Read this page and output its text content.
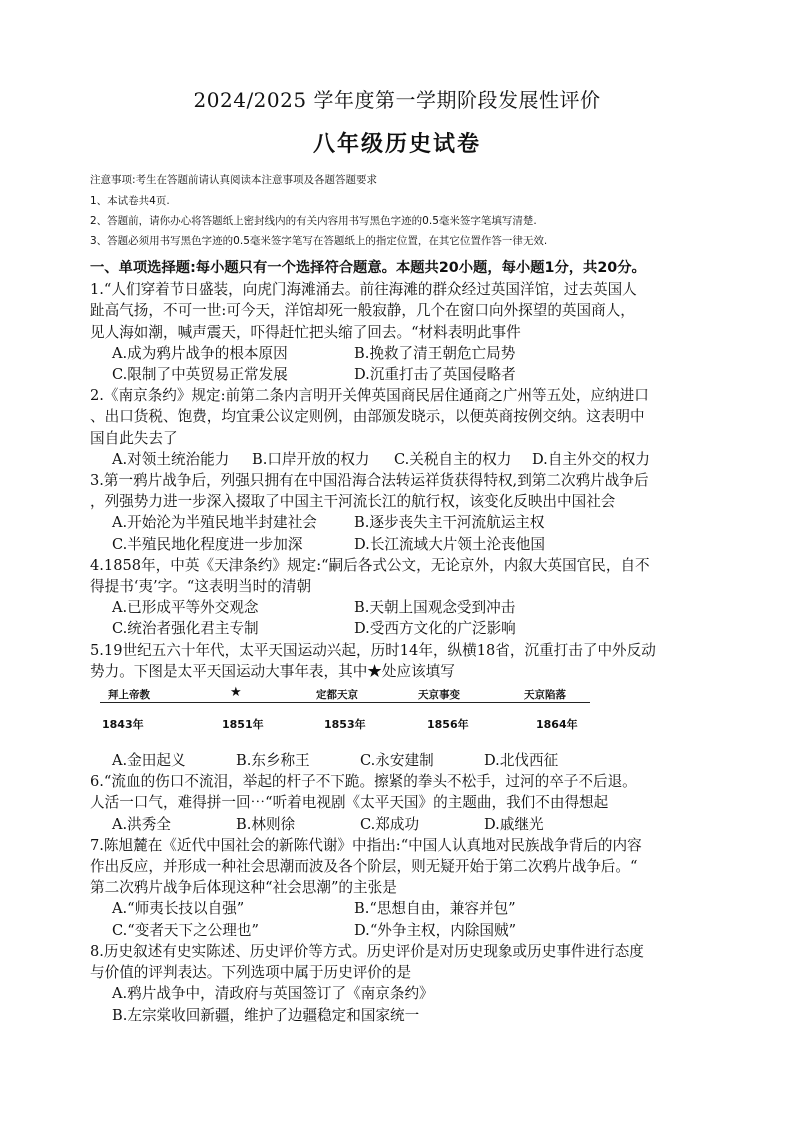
2024/2025 学年度第一学期阶段发展性评价
八年级历史试卷
注意事项:考生在答题前请认真阅读本注意事项及各题答题要求
1、本试卷共4页.
2、答题前，请你办心将答题纸上密封线内的有关内容用书写黑色字迹的0.5毫米签字笔填写清楚.
3、答题必须用书写黑色字迹的0.5毫米签字笔写在答题纸上的指定位置，在其它位置作答一律无效.

一、单项选择题:每小题只有一个选择符合题意。本题共20小题，每小题1分，共20分。

1.“人们穿着节日盛装，向虎门海滩涌去。前往海滩的群众经过英国洋馆，过去英国人

趾高气扬，不可一世:可今天，洋馆却死一般寂静，几个在窗口向外探望的英国商人，

见人海如潮，喊声震天，吓得赶忙把头缩了回去。“材料表明此事件

A.成为鸦片战争的根本原因	B.挽救了清王朝危亡局势
C.限制了中英贸易正常发展	D.沉重打击了英国侵略者

2.《南京条约》规定:前第二条内言明开关俾英国商民居住通商之广州等五处，应纳进口

、出口货税、饱费，均宜秉公议定则例，由部颁发晓示，以便英商按例交纳。这表明中

国自此失去了

A.对领土统治能力	B.口岸开放的权力	C.关税自主的权力	D.自主外交的权力

3.第一鸦片战争后，列强只拥有在中国沿海合法转运祥货获得特权,到第二次鸦片战争后

，列强势力进一步深入掇取了中国主干河流长江的航行权，该变化反映出中国社会

A.开始沦为半殖民地半封建社会	B.逐步丧失主干河流航运主权
C.半殖民地化程度进一步加深	D.长江流域大片领土沦丧他国

4.1858年，中英《天津条约》规定:“嗣后各式公文，无论京外，内叙大英国官民，自不

得提书‘夷’字。“这表明当时的清朝

A.已形成平等外交观念	B.天朝上国观念受到冲击
C.统治者强化君主专制	D.受西方文化的广泛影响

5.19世纪五六十年代，太平天国运动兴起，历时14年，纵横18省，沉重打击了中外反动

势力。下图是太平天国运动大事年表，其中★处应该填写

拜上帝教	★	定都天京	天京事变	天京陷落
1843年	1851年	1853年	1856年	1864年
A.金田起义	B.东乡称王	C.永安建制	D.北伐西征

6.“流血的伤口不流泪，举起的杆子不下跪。擦紧的拳头不松手，过河的卒子不后退。

人活一口气，难得拼一回⋯“听着电视剧《太平天国》的主题曲，我们不由得想起

A.洪秀全	B.林则徐	C.郑成功	D.戚继光

7.陈旭麓在《近代中国社会的新陈代谢》中指出:“中国人认真地对民族战争背后的内容

作出反应，并形成一种社会思潮而波及各个阶层，则无疑开始于第二次鸦片战争后。“

第二次鸦片战争后体现这种“社会思潮”的主张是

A.“师夷长技以自强”	B.“思想自由，兼容并包”
C.“变者天下之公理也”	D.“外争主权，内除国贼”

8.历史叙述有史实陈述、历史评价等方式。历史评价是对历史现象或历史事件进行态度

与价值的评判表达。下列选项中属于历史评价的是

A.鸦片战争中，清政府与英国签订了《南京条约》

B.左宗棠收回新疆，维护了边疆稳定和国家统一
